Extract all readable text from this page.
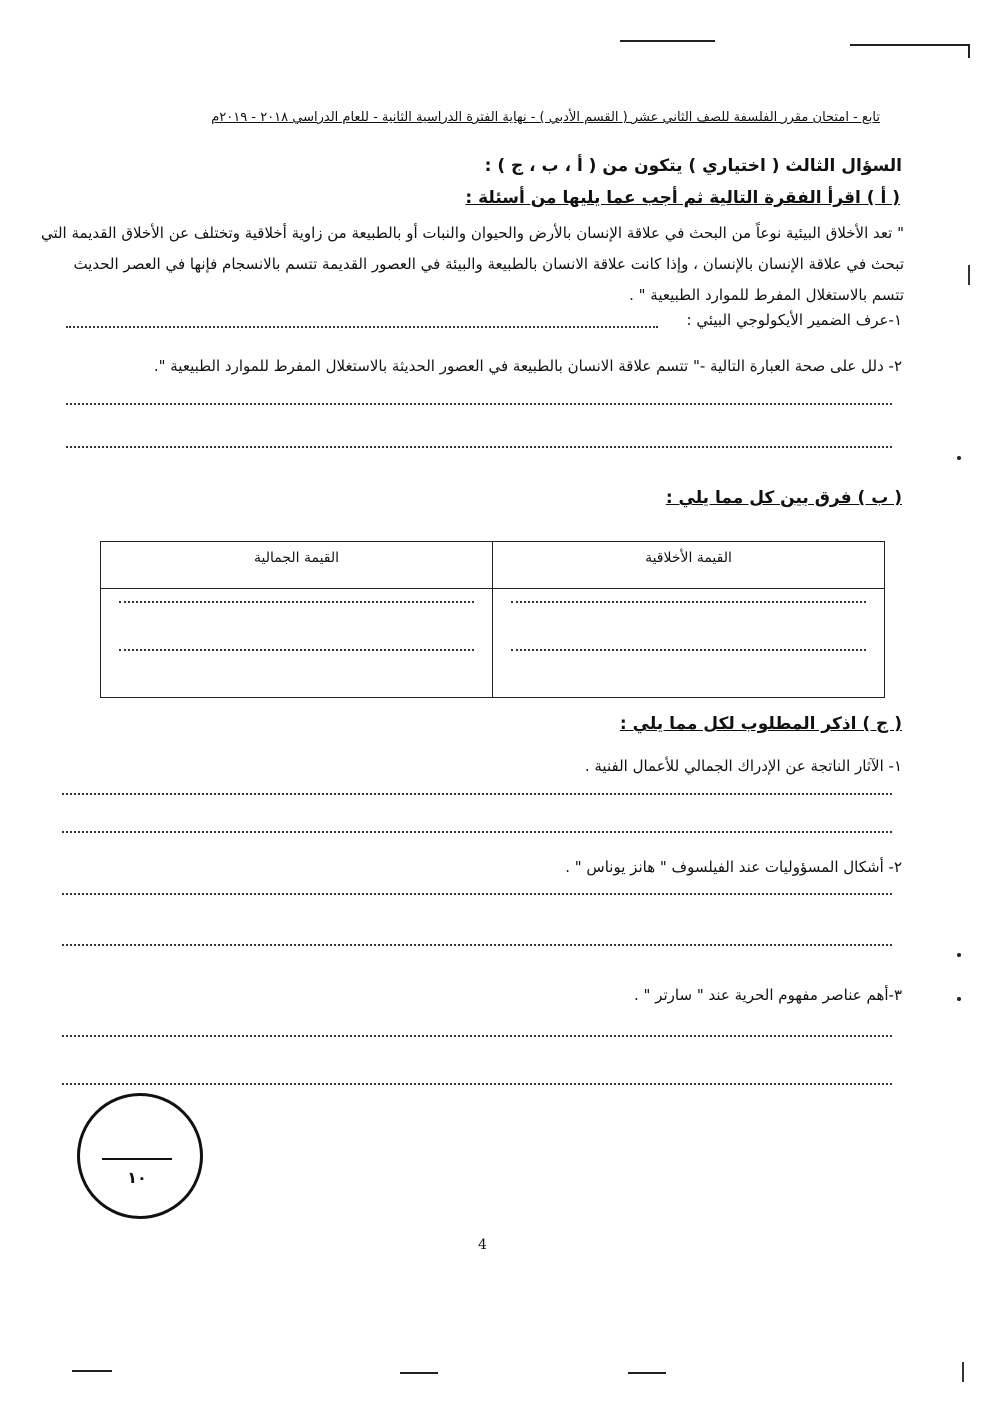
تابع - امتحان مقرر الفلسفة للصف الثاني عشر ( القسم الأدبي ) - نهاية الفترة الدراسية الثانية - للعام الدراسي ٢٠١٨ - ٢٠١٩م
السؤال الثالث ( اختياري ) يتكون من ( أ ، ب ، ج ) :
( أ ) اقرأ الفقرة التالية ثم أجب عما يليها من أسئلة :
" تعد الأخلاق البيئية نوعاً من البحث في علاقة الإنسان بالأرض والحيوان والنبات أو بالطبيعة من زاوية أخلاقية وتختلف عن الأخلاق القديمة التي تبحث في علاقة الإنسان بالإنسان ، وإذا كانت علاقة الانسان بالطبيعة والبيئة في العصور القديمة تتسم بالانسجام فإنها في العصر الحديث تتسم بالاستغلال المفرط للموارد الطبيعية " .
١-عرف الضمير الأيكولوجي البيئي :
٢- دلل على صحة العبارة التالية -" تتسم علاقة الانسان بالطبيعة في العصور الحديثة بالاستغلال المفرط للموارد الطبيعية ".
( ب ) فرق بين كل مما يلي :
القيمة الجمالية	القيمة الأخلاقية

( ج ) اذكر المطلوب لكل مما يلي :
١- الآثار الناتجة عن الإدراك الجمالي للأعمال الفنية .
٢- أشكال المسؤوليات عند الفيلسوف " هانز يوناس " .
٣-أهم عناصر مفهوم الحرية عند " سارتر " .
١٠
4
